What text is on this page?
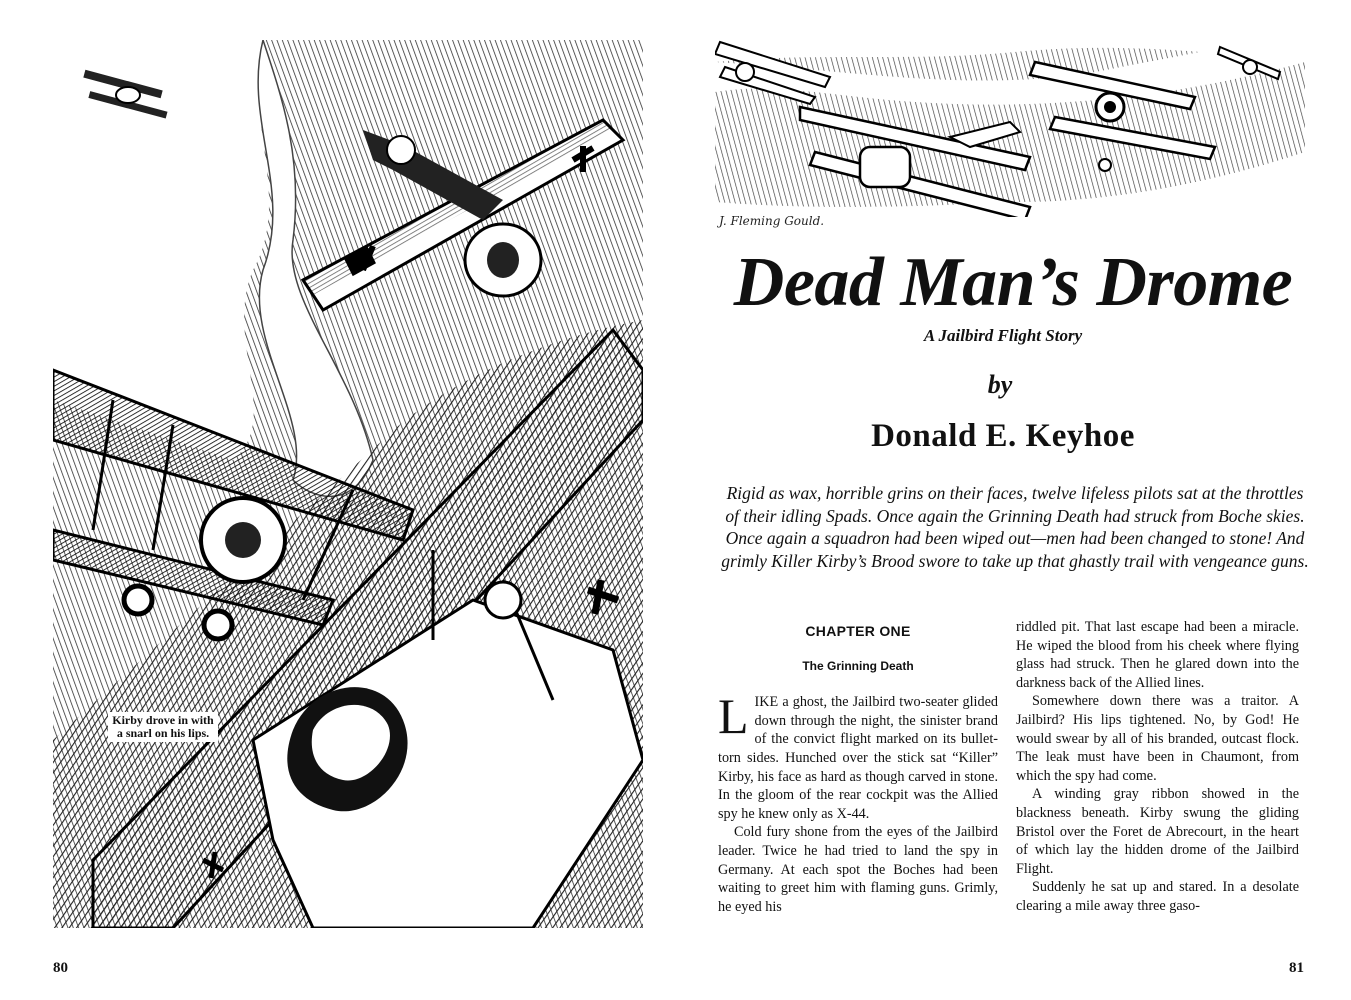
Kirby drove in with a snarl on his lips.
80
J. Fleming Gould.
Dead Man’s Drome
A Jailbird Flight Story
by
Donald E. Keyhoe

Rigid as wax, horrible grins on their faces, twelve lifeless pilots sat at the throttles of their idling Spads. Once again the Grinning Death had struck from Boche skies. Once again a squadron had been wiped out—men had been changed to stone! And grimly Killer Kirby’s Brood swore to take up that ghastly trail with vengeance guns.

CHAPTER ONE
The Grinning Death

LIKE a ghost, the Jailbird two-seater glided down through the night, the sinister brand of the convict flight marked on its bullet-torn sides. Hunched over the stick sat “Killer” Kirby, his face as hard as though carved in stone. In the gloom of the rear cockpit was the Allied spy he knew only as X-44.

Cold fury shone from the eyes of the Jailbird leader. Twice he had tried to land the spy in Germany. At each spot the Boches had been waiting to greet him with flaming guns. Grimly, he eyed his

riddled pit. That last escape had been a miracle. He wiped the blood from his cheek where flying glass had struck. Then he glared down into the darkness back of the Allied lines.

Somewhere down there was a traitor. A Jailbird? His lips tightened. No, by God! He would swear by all of his branded, outcast flock. The leak must have been in Chaumont, from which the spy had come.

A winding gray ribbon showed in the blackness beneath. Kirby swung the gliding Bristol over the Foret de Abrecourt, in the heart of which lay the hidden drome of the Jailbird Flight.

Suddenly he sat up and stared. In a desolate clearing a mile away three gaso-

81
